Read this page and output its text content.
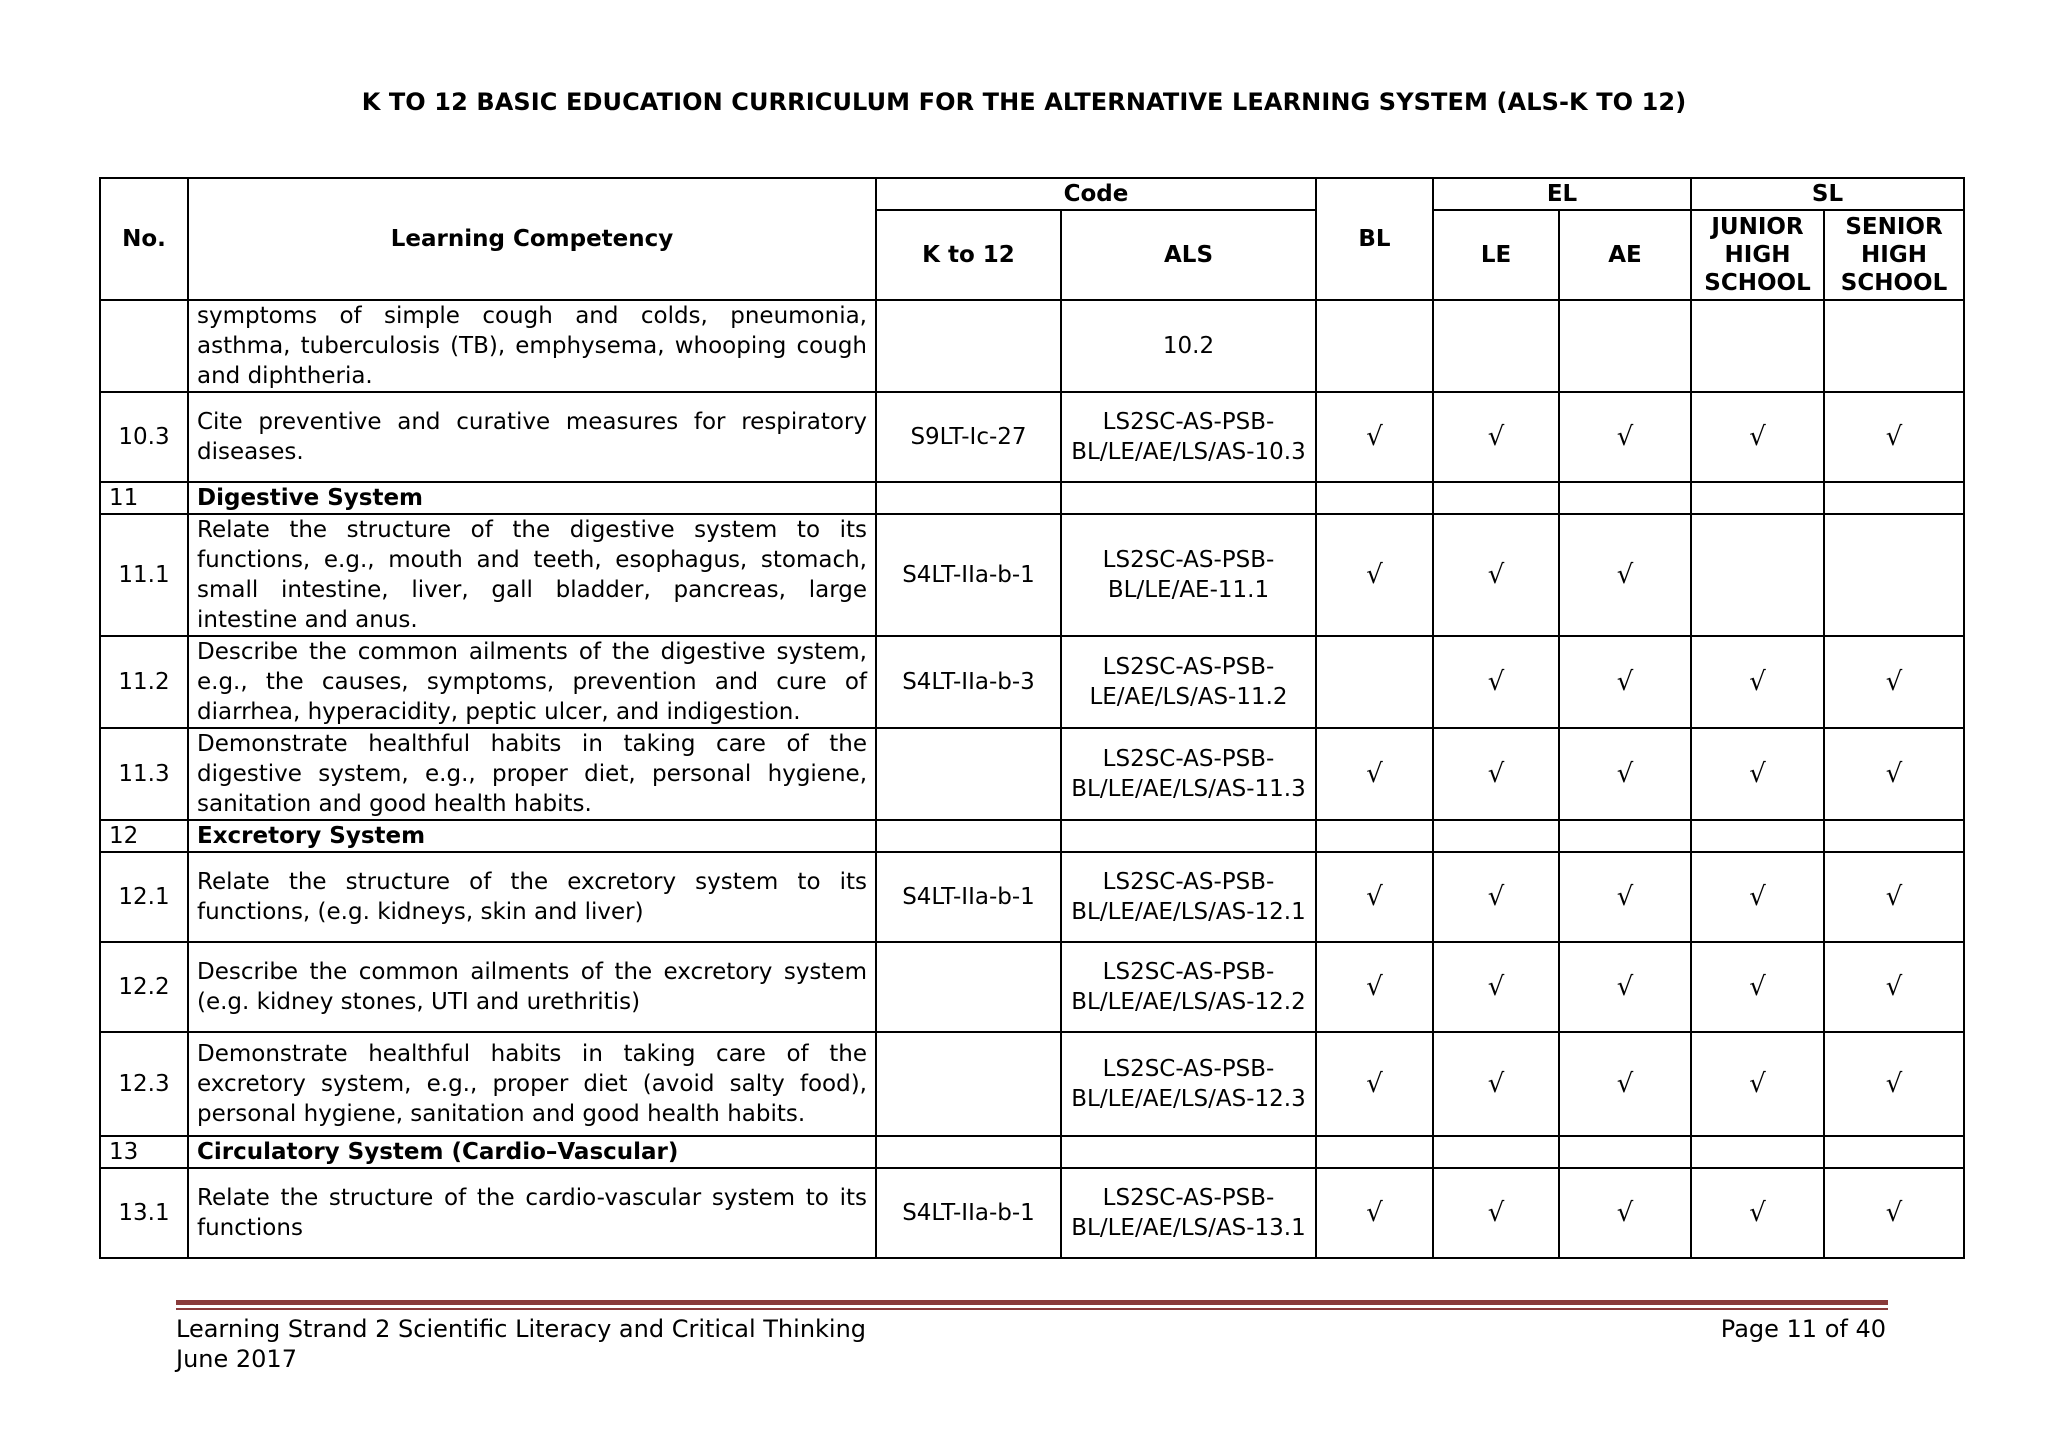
K TO 12 BASIC EDUCATION CURRICULUM FOR THE ALTERNATIVE LEARNING SYSTEM (ALS-K TO 12)
No.	Learning Competency	Code		BL	EL		SL	
		K to 12	ALS		LE	AE	JUNIOR HIGH SCHOOL	SENIOR HIGH SCHOOL
	symptoms of simple cough and colds, pneumonia, asthma, tuberculosis (TB), emphysema, whooping cough and diphtheria.		10.2					
10.3	Cite preventive and curative measures for respiratory diseases.	S9LT-Ic-27	LS2SC-AS-PSB-BL/LE/AE/LS/AS-10.3	√	√	√	√	√
11	Digestive System							
11.1	Relate the structure of the digestive system to its functions, e.g., mouth and teeth, esophagus, stomach, small intestine, liver, gall bladder, pancreas, large intestine and anus.	S4LT-IIa-b-1	LS2SC-AS-PSB-BL/LE/AE-11.1	√	√	√		
11.2	Describe the common ailments of the digestive system, e.g., the causes, symptoms, prevention and cure of diarrhea, hyperacidity, peptic ulcer, and indigestion.	S4LT-IIa-b-3	LS2SC-AS-PSB-LE/AE/LS/AS-11.2		√	√	√	√
11.3	Demonstrate healthful habits in taking care of the digestive system, e.g., proper diet, personal hygiene, sanitation and good health habits.		LS2SC-AS-PSB-BL/LE/AE/LS/AS-11.3	√	√	√	√	√
12	Excretory System							
12.1	Relate the structure of the excretory system to its functions, (e.g. kidneys, skin and liver)	S4LT-IIa-b-1	LS2SC-AS-PSB-BL/LE/AE/LS/AS-12.1	√	√	√	√	√
12.2	Describe the common ailments of the excretory system (e.g. kidney stones, UTI and urethritis)		LS2SC-AS-PSB-BL/LE/AE/LS/AS-12.2	√	√	√	√	√
12.3	Demonstrate healthful habits in taking care of the excretory system, e.g., proper diet (avoid salty food), personal hygiene, sanitation and good health habits.		LS2SC-AS-PSB-BL/LE/AE/LS/AS-12.3	√	√	√	√	√
13	Circulatory System (Cardio–Vascular)							
13.1	Relate the structure of the cardio-vascular system to its functions	S4LT-IIa-b-1	LS2SC-AS-PSB-BL/LE/AE/LS/AS-13.1	√	√	√	√	√
Learning Strand 2 Scientific Literacy and Critical Thinking
June 2017
Page 11 of 40
